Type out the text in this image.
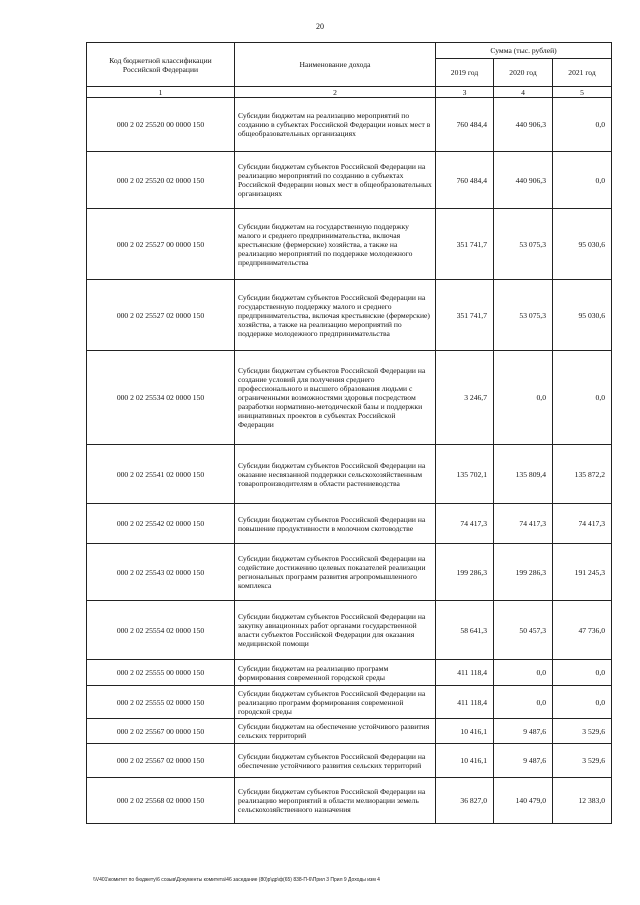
20
Код бюджетной классификации Российской Федерации	Наименование дохода	Сумма (тыс. рублей)		
		2019 год	2020 год	2021 год
1	2	3	4	5
000 2 02 25520 00 0000 150	Субсидии бюджетам на реализацию мероприятий по созданию в субъектах Российской Федерации новых мест в общеобразовательных организациях	760 484,4	440 906,3	0,0
000 2 02 25520 02 0000 150	Субсидии бюджетам субъектов Российской Федерации на реализацию мероприятий по созданию в субъектах Российской Федерации новых мест в общеобразовательных организациях	760 484,4	440 906,3	0,0
000 2 02 25527 00 0000 150	Субсидии бюджетам на государственную поддержку малого и среднего предпринимательства, включая крестьянские (фермерские) хозяйства, а также на реализацию мероприятий по поддержке молодежного предпринимательства	351 741,7	53 075,3	95 030,6
000 2 02 25527 02 0000 150	Субсидии бюджетам субъектов Российской Федерации на государственную поддержку малого и среднего предпринимательства, включая крестьянские (фермерские) хозяйства, а также на реализацию мероприятий по поддержке молодежного предпринимательства	351 741,7	53 075,3	95 030,6
000 2 02 25534 02 0000 150	Субсидии бюджетам субъектов Российской Федерации на создание условий для получения среднего профессионального и высшего образования людьми с ограниченными возможностями здоровья посредством разработки нормативно-методической базы и поддержки инициативных проектов в субъектах Российской Федерации	3 246,7	0,0	0,0
000 2 02 25541 02 0000 150	Субсидии бюджетам субъектов Российской Федерации на оказание несвязанной поддержки сельскохозяйственным товаропроизводителям в области растениеводства	135 702,1	135 809,4	135 872,2
000 2 02 25542 02 0000 150	Субсидии бюджетам субъектов Российской Федерации на повышение продуктивности в молочном скотоводстве	74 417,3	74 417,3	74 417,3
000 2 02 25543 02 0000 150	Субсидии бюджетам субъектов Российской Федерации на содействие достижению целевых показателей реализации региональных программ развития агропромышленного комплекса	199 286,3	199 286,3	191 245,3
000 2 02 25554 02 0000 150	Субсидии бюджетам субъектов Российской Федерации на закупку авиационных работ органами государственной власти субъектов Российской Федерации для оказания медицинской помощи	58 641,3	50 457,3	47 736,0
000 2 02 25555 00 0000 150	Субсидии бюджетам на реализацию программ формирования современной городской среды	411 118,4	0,0	0,0
000 2 02 25555 02 0000 150	Субсидии бюджетам субъектов Российской Федерации на реализацию программ формирования современной городской среды	411 118,4	0,0	0,0
000 2 02 25567 00 0000 150	Субсидии бюджетам на обеспечение устойчивого развития сельских территорий	10 416,1	9 487,6	3 529,6
000 2 02 25567 02 0000 150	Субсидии бюджетам субъектов Российской Федерации на обеспечение устойчивого развития сельских территорий	10 416,1	9 487,6	3 529,6
000 2 02 25568 02 0000 150	Субсидии бюджетам субъектов Российской Федерации на реализацию мероприятий в области мелиорации земель сельскохозяйственного назначения	36 827,0	140 479,0	12 383,0
\\V401\комитет по бюджету\6 созыв\Документы комитета\46 заседание (80)р\др\ф(65) 838-П-6\Прил 3 Прил 9 Доходы изм 4
